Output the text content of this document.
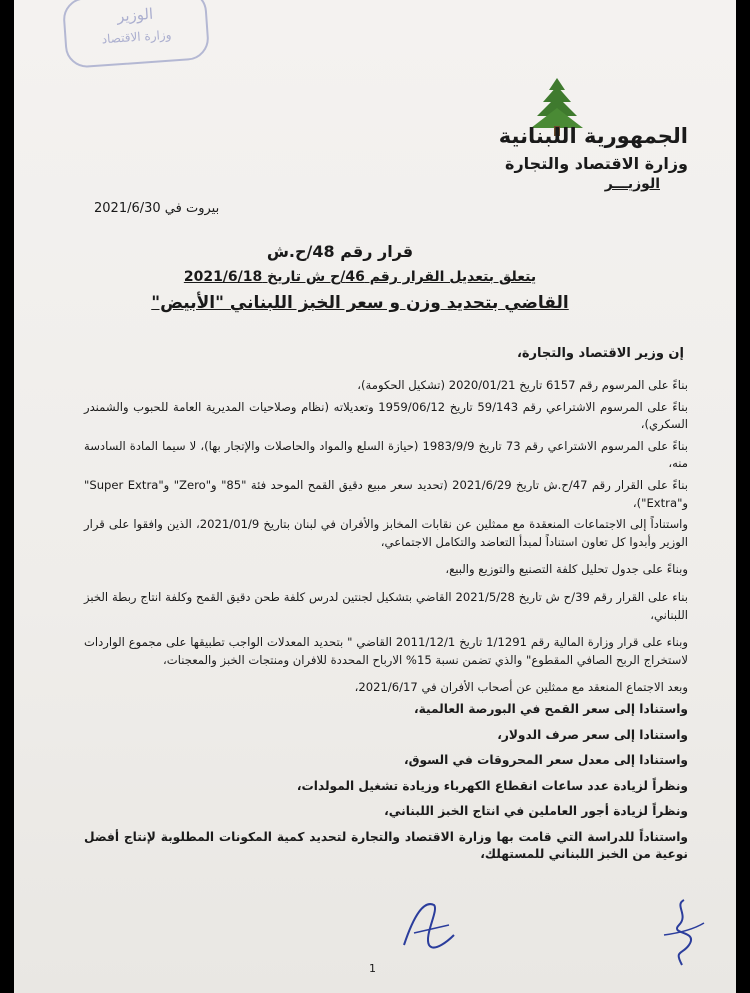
الوزير
وزارة الاقتصاد
الجمهورية اللبنانية
وزارة الاقتصاد والتجارة
الوزيـــر
بيروت في 2021/6/30
قرار رقم 48/ح.ش
يتعلق بتعديل القرار رقم 46/ح ش تاريخ 2021/6/18
القاضي بتحديد وزن و سعر الخبز اللبناني "الأبيض"
إن وزير الاقتصاد والتجارة،

بناءً على المرسوم رقم 6157 تاريخ 2020/01/21 (تشكيل الحكومة)،

بناءً على المرسوم الاشتراعي رقم 59/143 تاريخ 1959/06/12 وتعديلاته (نظام وصلاحيات المديرية العامة للحبوب والشمندر السكري)،

بناءً على المرسوم الاشتراعي رقم 73 تاريخ 1983/9/9 (حيازة السلع والمواد والحاصلات والإتجار بها)، لا سيما المادة السادسة منه،

بناءً على القرار رقم 47/ح.ش تاريخ 2021/6/29 (تحديد سعر مبيع دقيق القمح الموحد فئة "85" و"Zero" و"Super Extra" و"Extra")،

واستناداً إلى الاجتماعات المنعقدة مع ممثلين عن نقابات المخابز والأفران في لبنان بتاريخ 2021/01/9، الذين وافقوا على قرار الوزير وأبدوا كل تعاون استناداً لمبدأ التعاضد والتكامل الاجتماعي،

وبناءً على جدول تحليل كلفة التصنيع والتوزيع والبيع،

بناء على القرار رقم 39/ح ش تاريخ 2021/5/28 القاضي بتشكيل لجنتين لدرس كلفة طحن دقيق القمح وكلفة انتاج ربطة الخبز اللبناني،

وبناء على قرار وزارة المالية رقم 1/1291 تاريخ 2011/12/1 القاضي " بتحديد المعدلات الواجب تطبيقها على مجموع الواردات لاستخراج الربح الصافي المقطوع" والذي تضمن نسبة 15% الارباح المحددة للافران ومنتجات الخبز والمعجنات،

وبعد الاجتماع المنعقد مع ممثلين عن أصحاب الأفران في 2021/6/17،

واستنادا إلى سعر القمح في البورصة العالمية،

واستنادا إلى سعر صرف الدولار،

واستنادا إلى معدل سعر المحروقات في السوق،

ونظراً لزيادة عدد ساعات انقطاع الكهرباء وزيادة تشغيل المولدات،

ونظراً لزيادة أجور العاملين في انتاج الخبز اللبناني،

واستناداً للدراسة التي قامت بها وزارة الاقتصاد والتجارة لتحديد كمية المكونات المطلوبة لإنتاج أفضل نوعية من الخبز اللبناني للمستهلك،

1
